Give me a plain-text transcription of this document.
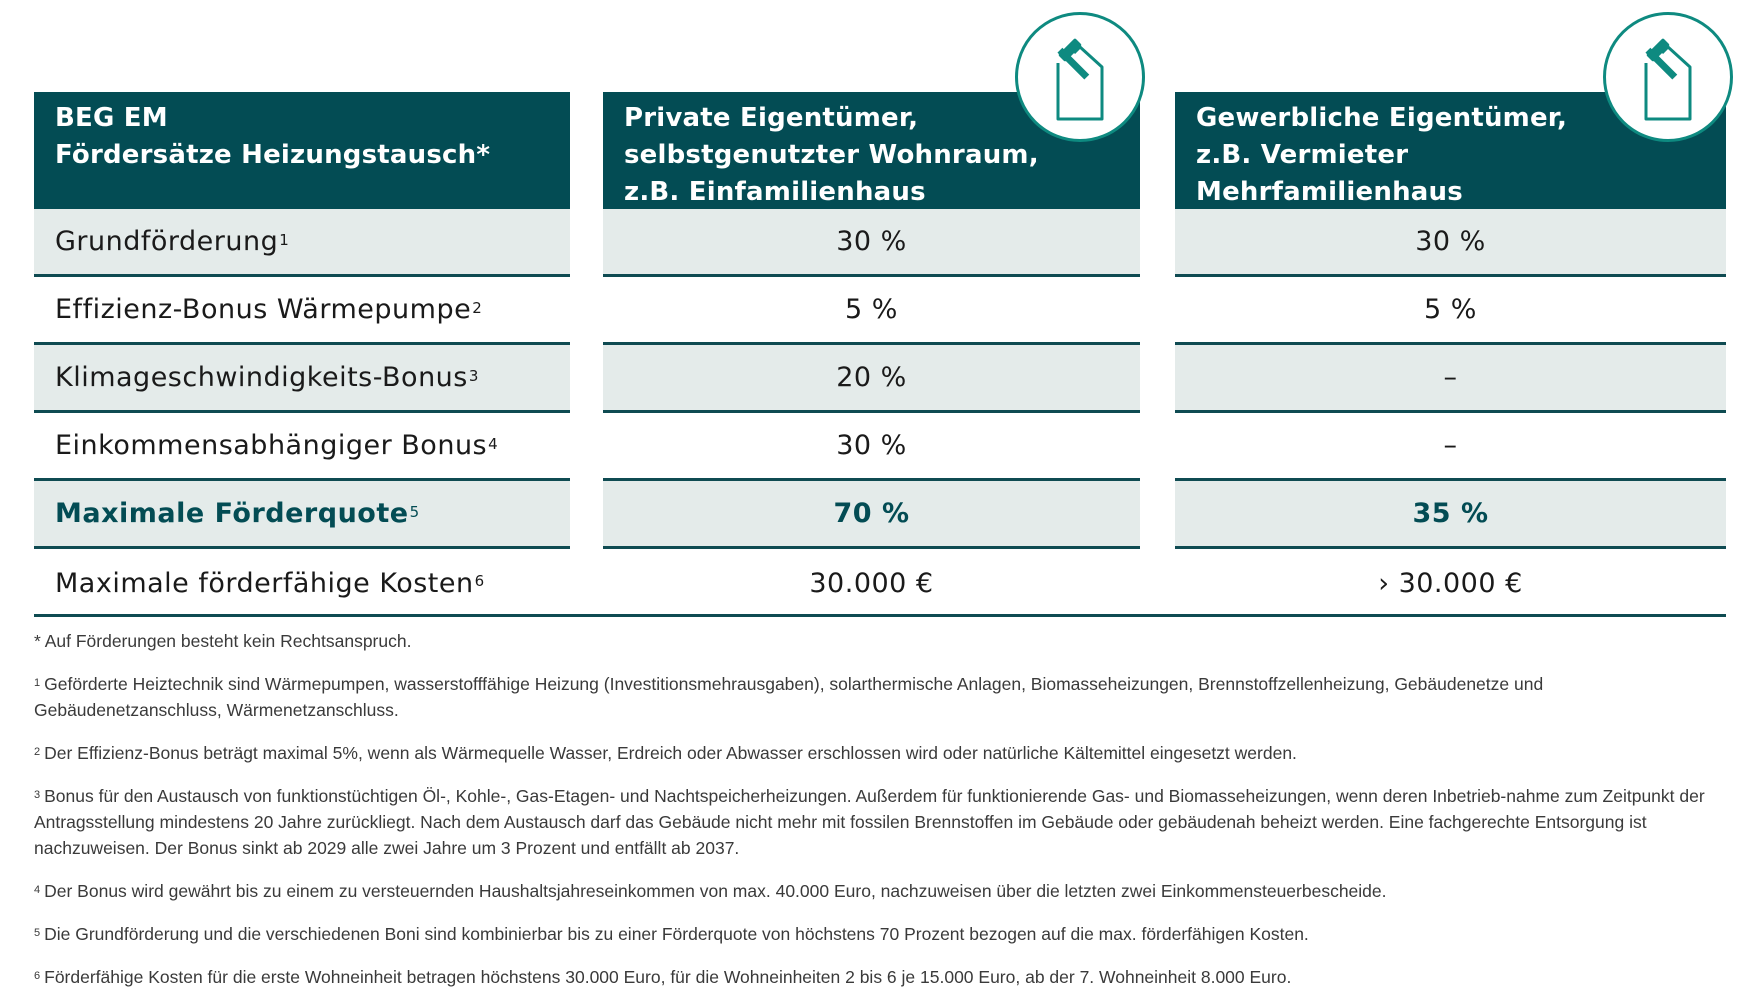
BEG EM
Fördersätze Heizungstausch*
Grundförderung$^1$
Effizienz-Bonus Wärmepumpe$^2$
Klimageschwindigkeits-Bonus$^3$
Einkommensabhängiger Bonus$^4$
Maximale Förderquote$^5$
Maximale förderfähige Kosten$^6$
Private Eigentümer,
selbstgenutzter Wohnraum,
z.B. Einfamilienhaus
30 %
5 %
20 %
30 %
70 %
30.000 €
Gewerbliche Eigentümer,
z.B. Vermieter
Mehrfamilienhaus
30 %
5 %
–
–
35 %
› 30.000 €

* Auf Förderungen besteht kein Rechtsanspruch.

$^1$ Geförderte Heiztechnik sind Wärmepumpen, wasserstofffähige Heizung (Investitionsmehrausgaben), solarthermische Anlagen, Biomasseheizungen, Brennstoffzellenheizung, Gebäudenetze und Gebäudenetzanschluss, Wärmenetzanschluss.

$^2$ Der Effizienz-Bonus beträgt maximal 5%, wenn als Wärmequelle Wasser, Erdreich oder Abwasser erschlossen wird oder natürliche Kältemittel eingesetzt werden.

$^3$ Bonus für den Austausch von funktionstüchtigen Öl-, Kohle-, Gas-Etagen- und Nachtspeicherheizungen. Außerdem für funktionierende Gas- und Biomasseheizungen, wenn deren Inbetrieb-nahme zum Zeitpunkt der Antragsstellung mindestens 20 Jahre zurückliegt. Nach dem Austausch darf das Gebäude nicht mehr mit fossilen Brennstoffen im Gebäude oder gebäudenah beheizt werden. Eine fachgerechte Entsorgung ist nachzuweisen. Der Bonus sinkt ab 2029 alle zwei Jahre um 3 Prozent und entfällt ab 2037.

$^4$ Der Bonus wird gewährt bis zu einem zu versteuernden Haushaltsjahreseinkommen von max. 40.000 Euro, nachzuweisen über die letzten zwei Einkommensteuerbescheide.

$^5$ Die Grundförderung und die verschiedenen Boni sind kombinierbar bis zu einer Förderquote von höchstens 70 Prozent bezogen auf die max. förderfähigen Kosten.

$^6$ Förderfähige Kosten für die erste Wohneinheit betragen höchstens 30.000 Euro, für die Wohneinheiten 2 bis 6 je 15.000 Euro, ab der 7. Wohneinheit 8.000 Euro.
